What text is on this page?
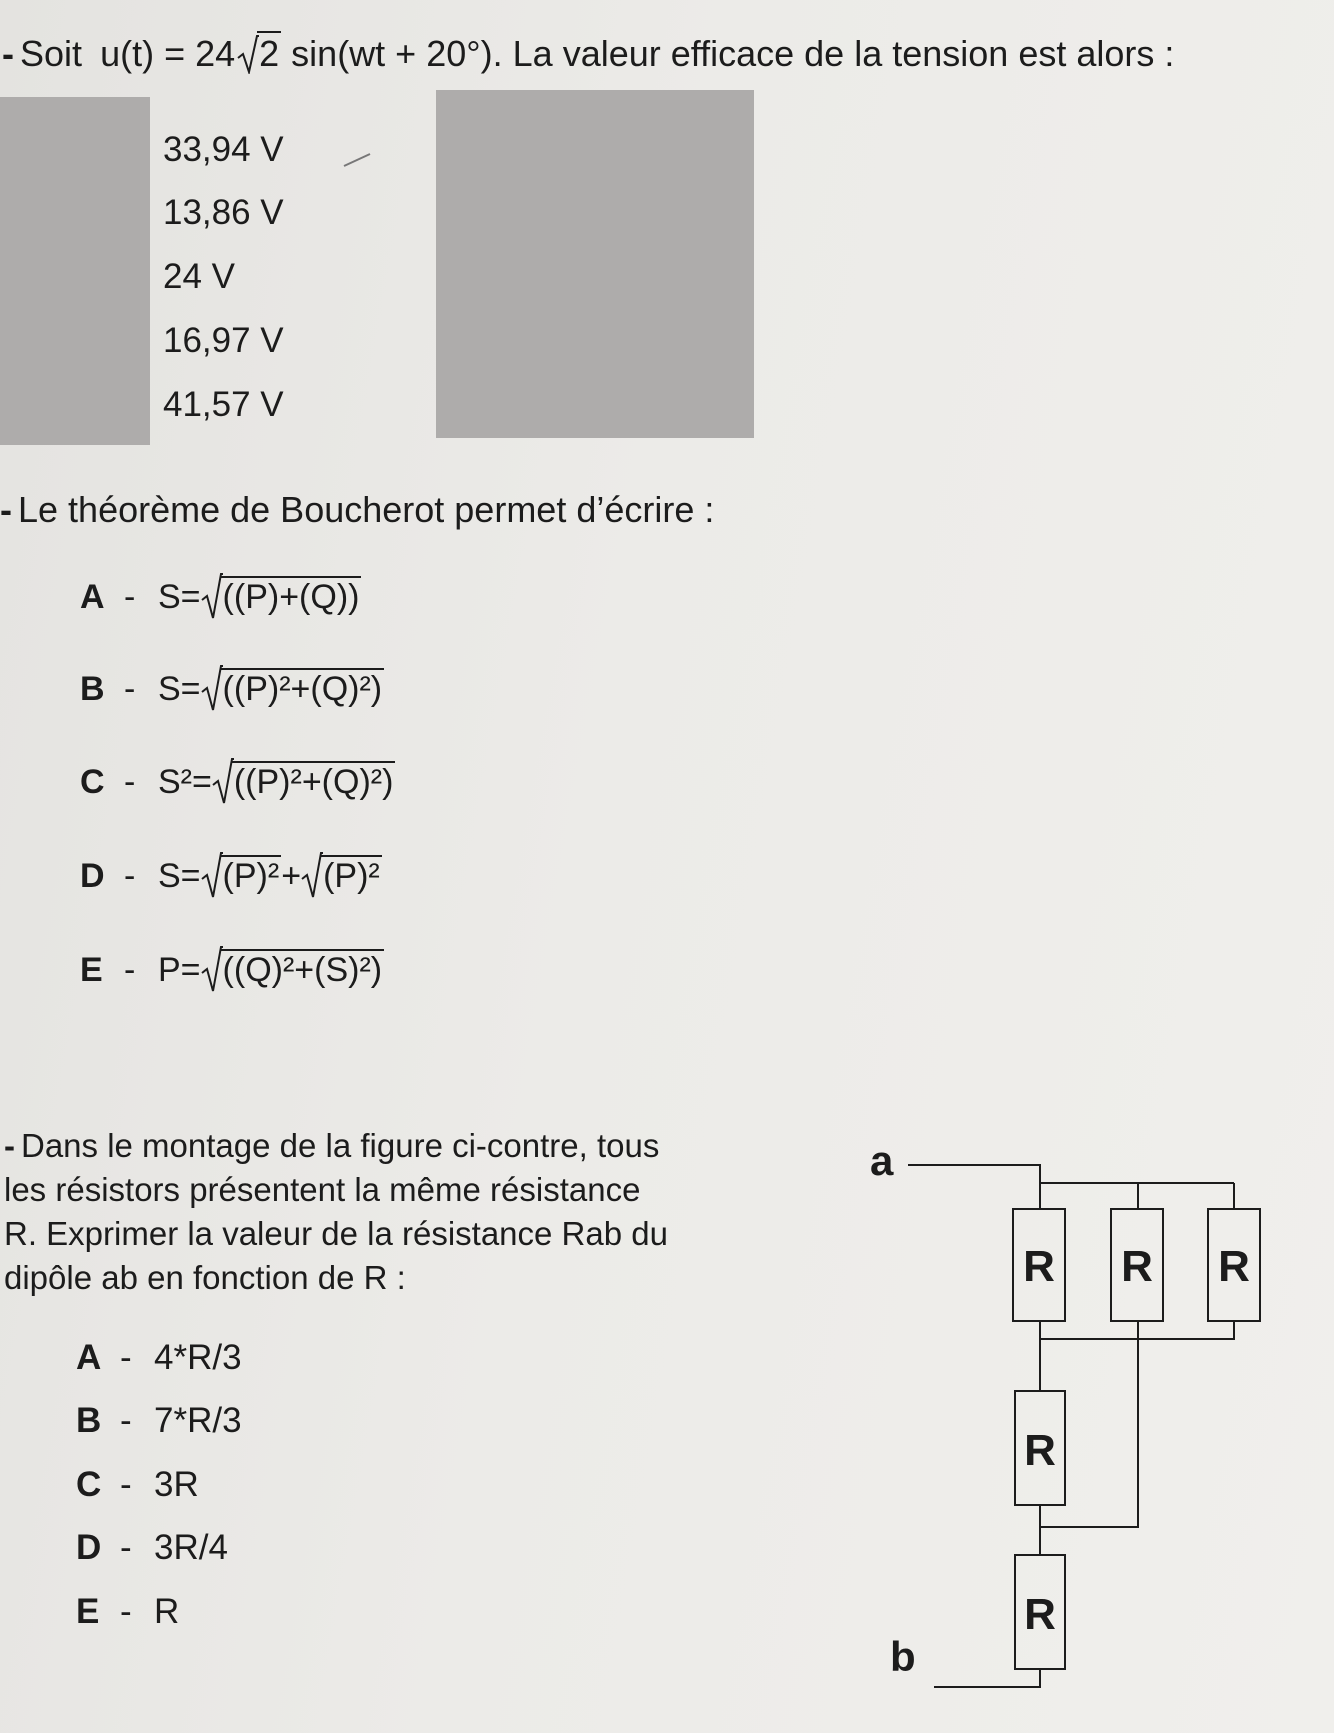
- Soit u(t) = 24 2 sin(wt + 20°). La valeur efficace de la tension est alors :
33,94 V
13,86 V
24 V
16,97 V
41,57 V
- Le théorème de Boucherot permet d’écrire :
A - S= ((P)+(Q))
B - S= ((P)²+(Q)²)
C - S²= ((P)²+(Q)²)
D - S= (P)² + (P)²
E - P= ((Q)²+(S)²)
- Dans le montage de la figure ci-contre, tous
les résistors présentent la même résistance
R. Exprimer la valeur de la résistance Rab du
dipôle ab en fonction de R :
A - 4*R/3
B - 7*R/3
C - 3R
D - 3R/4
E - R
a
b
R R R
R
R
